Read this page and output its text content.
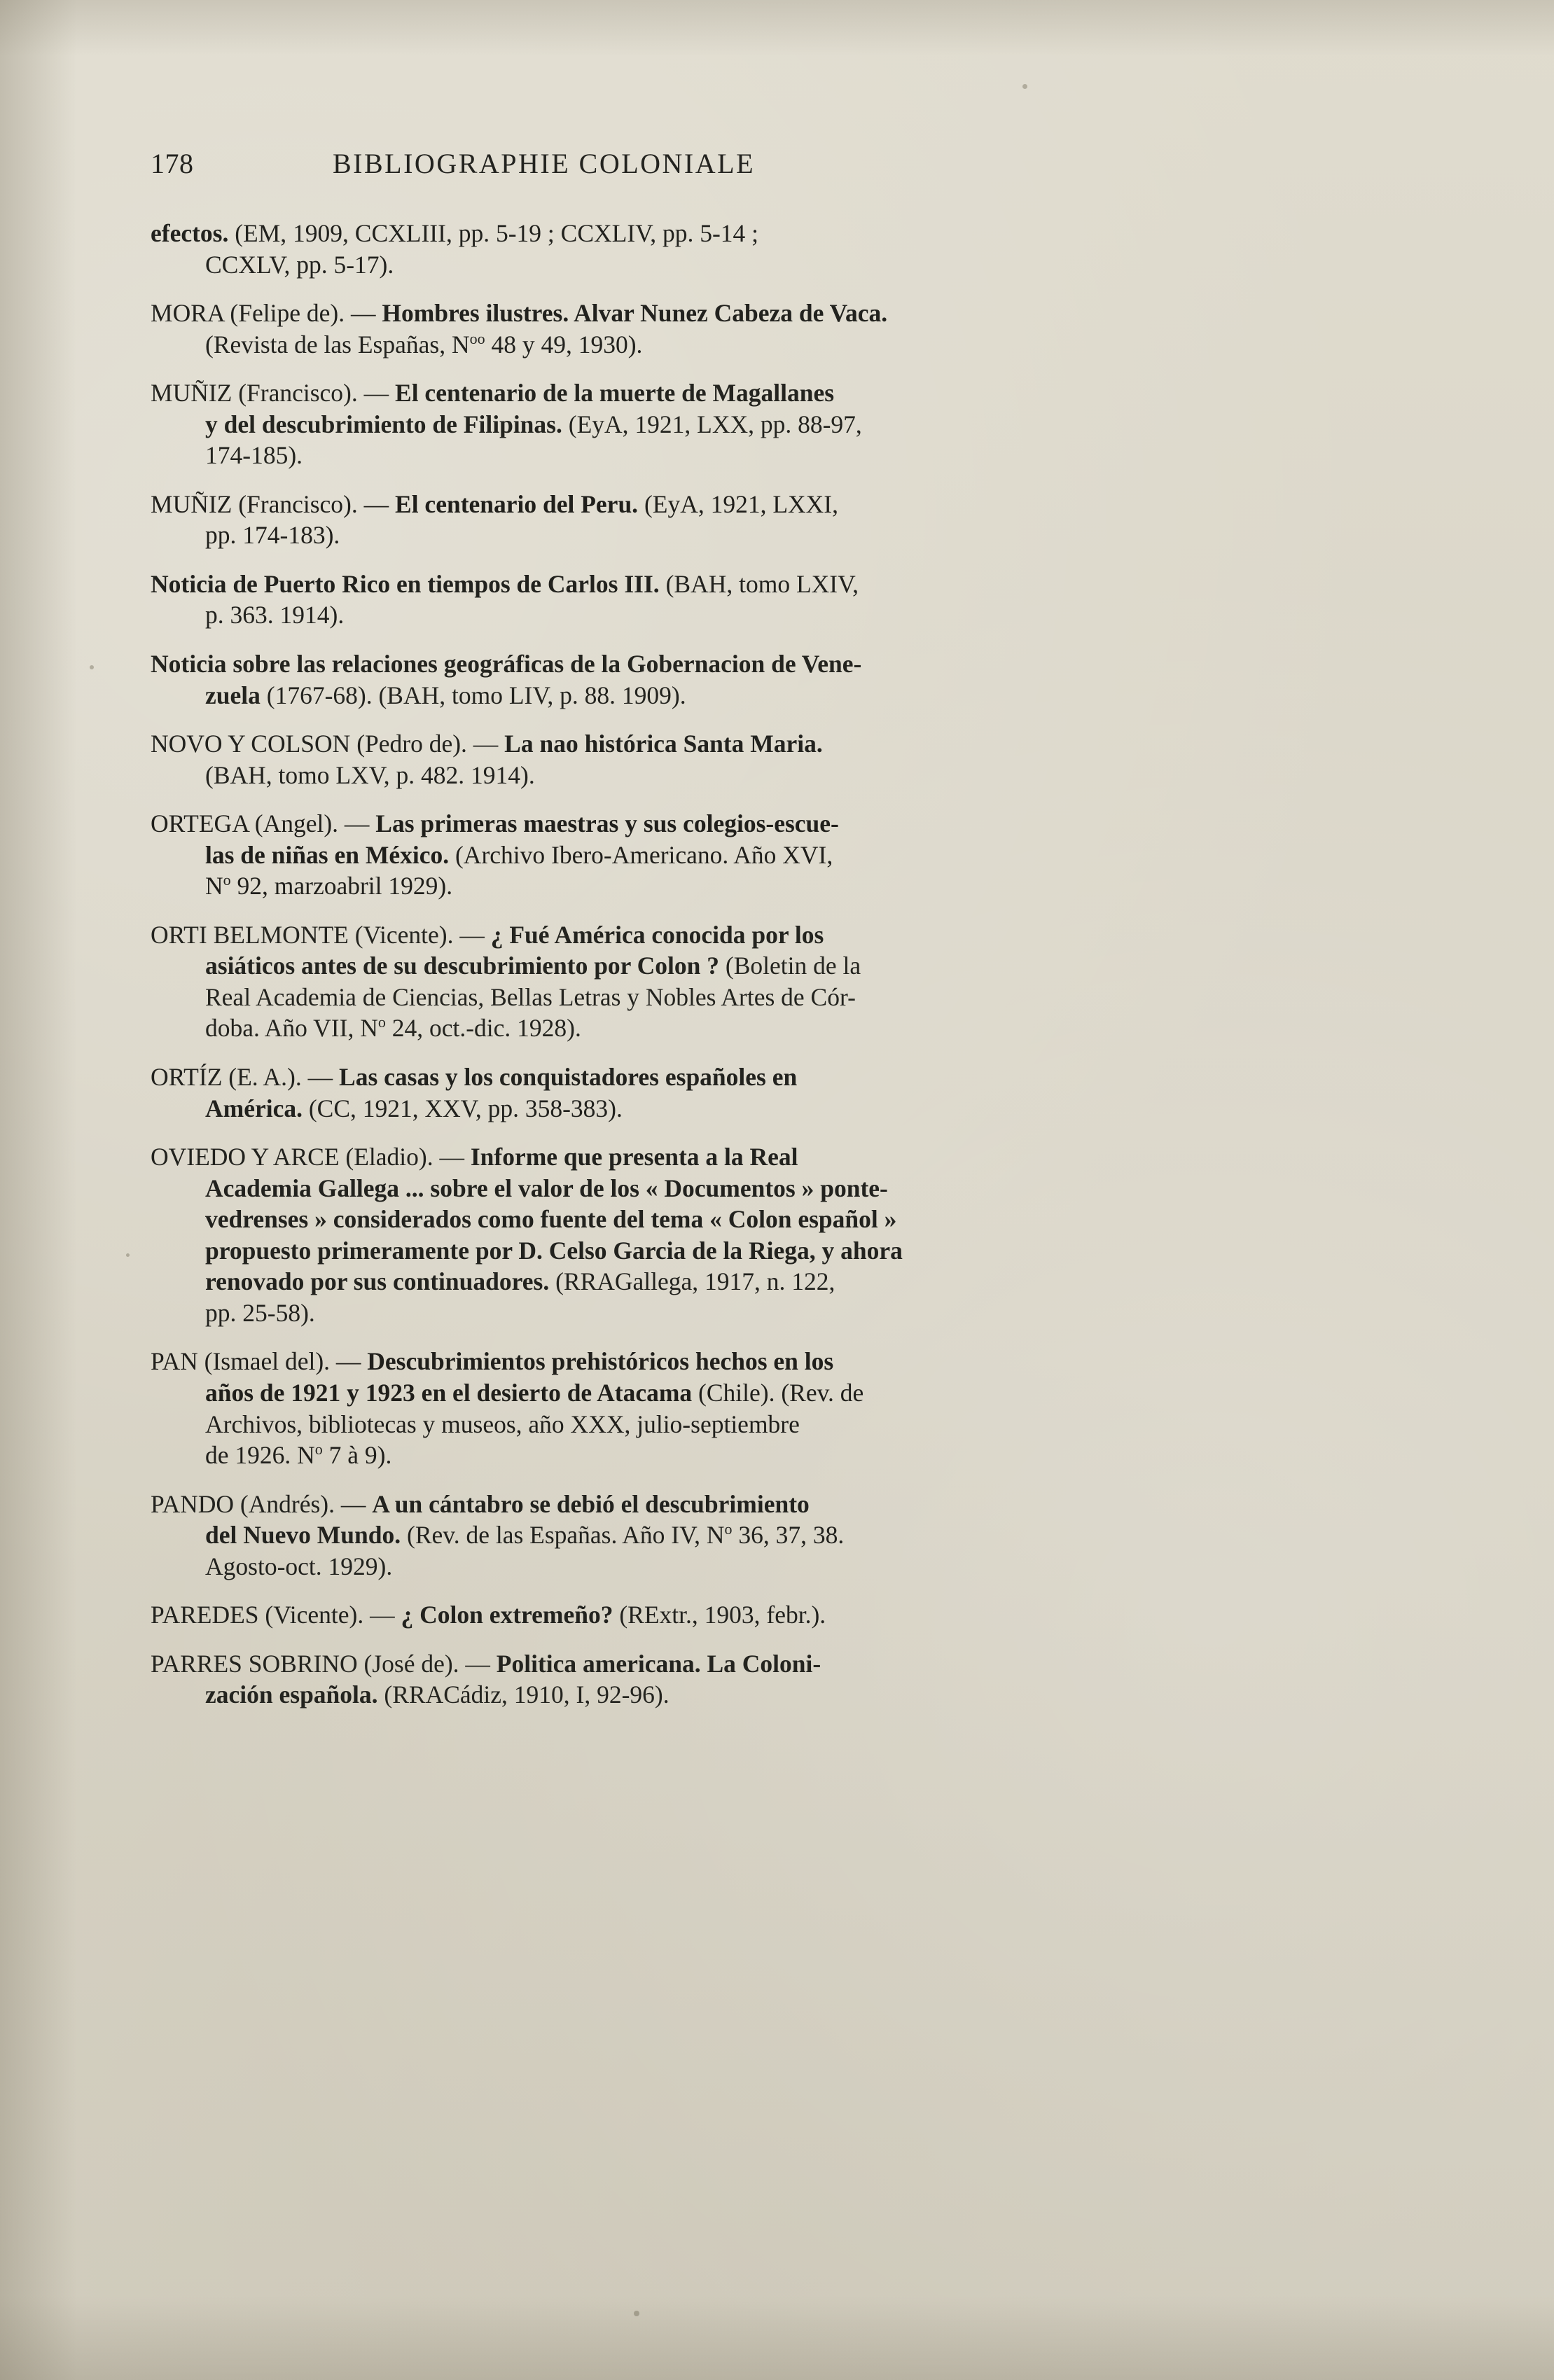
178	BIBLIOGRAPHIE COLONIALE
efectos. (EM, 1909, CCXLIII, pp. 5-19 ; CCXLIV, pp. 5-14 ;
CCXLV, pp. 5-17).
MORA (Felipe de). — Hombres ilustres. Alvar Nunez Cabeza de Vaca.
(Revista de las Españas, $N^{oo}$ 48 y 49, 1930).
MUÑIZ (Francisco). — El centenario de la muerte de Magallanes
y del descubrimiento de Filipinas. (EyA, 1921, LXX, pp. 88-97,
174-185).
MUÑIZ (Francisco). — El centenario del Peru. (EyA, 1921, LXXI,
pp. 174-183).
Noticia de Puerto Rico en tiempos de Carlos III. (BAH, tomo LXIV,
p. 363. 1914).
Noticia sobre las relaciones geográficas de la Gobernacion de Vene-
zuela (1767-68). (BAH, tomo LIV, p. 88. 1909).
NOVO Y COLSON (Pedro de). — La nao histórica Santa Maria.
(BAH, tomo LXV, p. 482. 1914).
ORTEGA (Angel). — Las primeras maestras y sus colegios-escue-
las de niñas en México. (Archivo Ibero-Americano. Año XVI,
$N^o$ 92, marzoabril 1929).
ORTI BELMONTE (Vicente). — ¿ Fué América conocida por los
asiáticos antes de su descubrimiento por Colon ? (Boletin de la
Real Academia de Ciencias, Bellas Letras y Nobles Artes de Cór-
doba. Año VII, $N^o$ 24, oct.-dic. 1928).
ORTÍZ (E. A.). — Las casas y los conquistadores españoles en
América. (CC, 1921, XXV, pp. 358-383).
OVIEDO Y ARCE (Eladio). — Informe que presenta a la Real
Academia Gallega ... sobre el valor de los « Documentos » ponte-
vedrenses » considerados como fuente del tema « Colon español »
propuesto primeramente por D. Celso Garcia de la Riega, y ahora
renovado por sus continuadores. (RRAGallega, 1917, n. 122,
pp. 25-58).
PAN (Ismael del). — Descubrimientos prehistóricos hechos en los
años de 1921 y 1923 en el desierto de Atacama (Chile). (Rev. de
Archivos, bibliotecas y museos, año XXX, julio-septiembre
de 1926. $N^o$ 7 à 9).
PANDO (Andrés). — A un cántabro se debió el descubrimiento
del Nuevo Mundo. (Rev. de las Españas. Año IV, $N^o$ 36, 37, 38.
Agosto-oct. 1929).
PAREDES (Vicente). — ¿ Colon extremeño? (RExtr., 1903, febr.).
PARRES SOBRINO (José de). — Politica americana. La Coloni-
zación española. (RRACádiz, 1910, I, 92-96).
